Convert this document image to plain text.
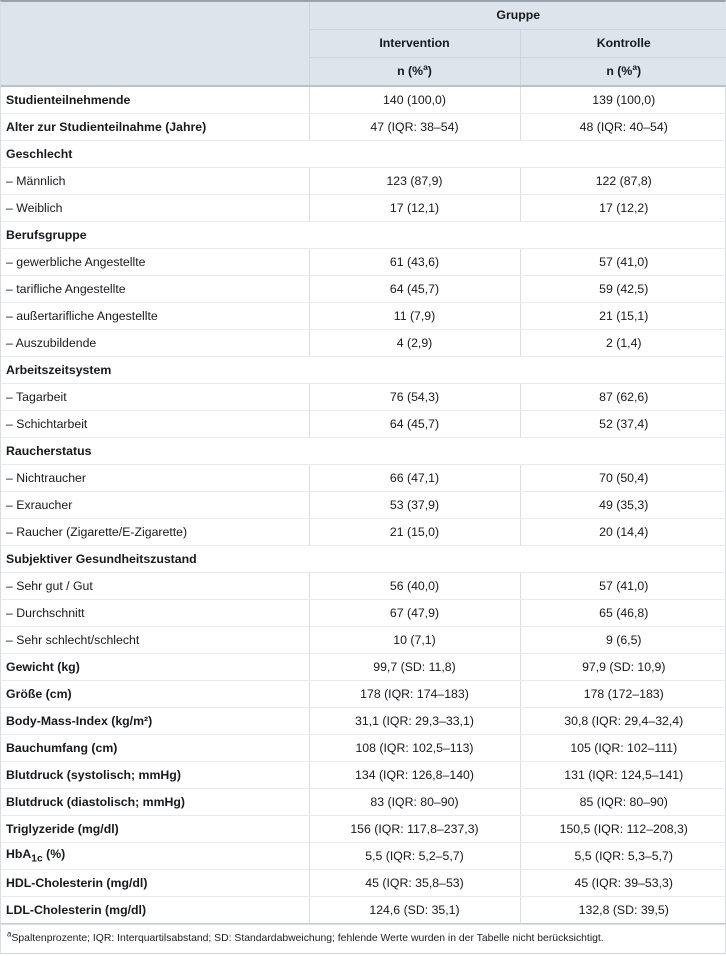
	Gruppe	
	Intervention	Kontrolle
	n (%$^a$)	n (%$^a$)
Studienteilnehmende	140 (100,0)	139 (100,0)
Alter zur Studienteilnahme (Jahre)	47 (IQR: 38–54)	48 (IQR: 40–54)
Geschlecht		
– Männlich	123 (87,9)	122 (87,8)
– Weiblich	17 (12,1)	17 (12,2)
Berufsgruppe		
– gewerbliche Angestellte	61 (43,6)	57 (41,0)
– tarifliche Angestellte	64 (45,7)	59 (42,5)
– außertarifliche Angestellte	11 (7,9)	21 (15,1)
– Auszubildende	4 (2,9)	2 (1,4)
Arbeitszeitsystem		
– Tagarbeit	76 (54,3)	87 (62,6)
– Schichtarbeit	64 (45,7)	52 (37,4)
Raucherstatus		
– Nichtraucher	66 (47,1)	70 (50,4)
– Exraucher	53 (37,9)	49 (35,3)
– Raucher (Zigarette/E-Zigarette)	21 (15,0)	20 (14,4)
Subjektiver Gesundheitszustand		
– Sehr gut / Gut	56 (40,0)	57 (41,0)
– Durchschnitt	67 (47,9)	65 (46,8)
– Sehr schlecht/schlecht	10 (7,1)	9 (6,5)
Gewicht (kg)	99,7 (SD: 11,8)	97,9 (SD: 10,9)
Größe (cm)	178 (IQR: 174–183)	178 (172–183)
Body-Mass-Index (kg/m²)	31,1 (IQR: 29,3–33,1)	30,8 (IQR: 29,4–32,4)
Bauchumfang (cm)	108 (IQR: 102,5–113)	105 (IQR: 102–111)
Blutdruck (systolisch; mmHg)	134 (IQR: 126,8–140)	131 (IQR: 124,5–141)
Blutdruck (diastolisch; mmHg)	83 (IQR: 80–90)	85 (IQR: 80–90)
Triglyzeride (mg/dl)	156 (IQR: 117,8–237,3)	150,5 (IQR: 112–208,3)
HbA$_{1c}$ (%)	5,5 (IQR: 5,2–5,7)	5,5 (IQR: 5,3–5,7)
HDL-Cholesterin (mg/dl)	45 (IQR: 35,8–53)	45 (IQR: 39–53,3)
LDL-Cholesterin (mg/dl)	124,6 (SD: 35,1)	132,8 (SD: 39,5)
$^a$Spaltenprozente; IQR: Interquartilsabstand; SD: Standardabweichung; fehlende Werte wurden in der Tabelle nicht berücksichtigt.
